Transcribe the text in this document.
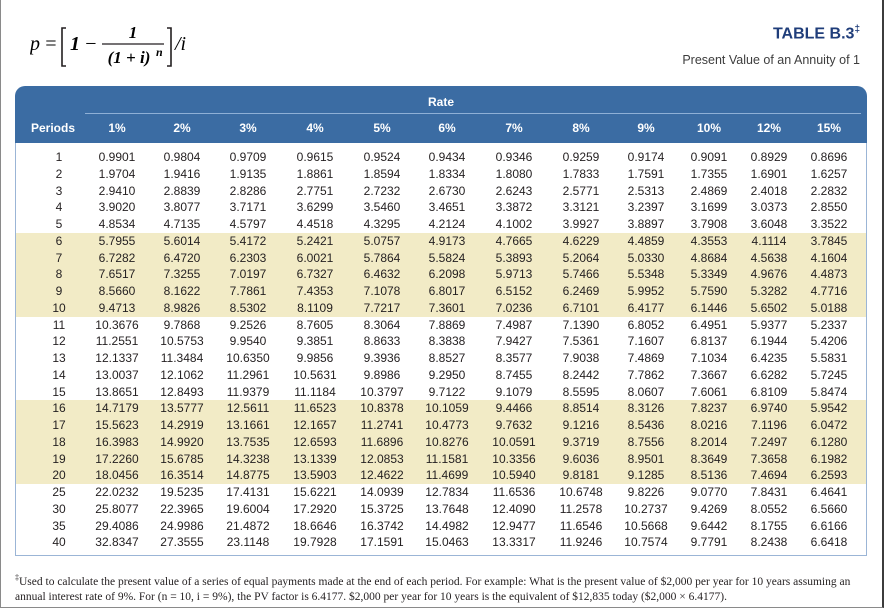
p = 1 −
1
(1 + i) n /i	TABLE B.3‡
Present Value of an Annuity of 1
Rate
Periods	1%	2%	3%	4%	5%	6%	7%	8%	9%	10%	12%	15%
1	0.9901	0.9804	0.9709	0.9615	0.9524	0.9434	0.9346	0.9259	0.9174	0.9091	0.8929	0.8696
2	1.9704	1.9416	1.9135	1.8861	1.8594	1.8334	1.8080	1.7833	1.7591	1.7355	1.6901	1.6257
3	2.9410	2.8839	2.8286	2.7751	2.7232	2.6730	2.6243	2.5771	2.5313	2.4869	2.4018	2.2832
4	3.9020	3.8077	3.7171	3.6299	3.5460	3.4651	3.3872	3.3121	3.2397	3.1699	3.0373	2.8550
5	4.8534	4.7135	4.5797	4.4518	4.3295	4.2124	4.1002	3.9927	3.8897	3.7908	3.6048	3.3522
6	5.7955	5.6014	5.4172	5.2421	5.0757	4.9173	4.7665	4.6229	4.4859	4.3553	4.1114	3.7845
7	6.7282	6.4720	6.2303	6.0021	5.7864	5.5824	5.3893	5.2064	5.0330	4.8684	4.5638	4.1604
8	7.6517	7.3255	7.0197	6.7327	6.4632	6.2098	5.9713	5.7466	5.5348	5.3349	4.9676	4.4873
9	8.5660	8.1622	7.7861	7.4353	7.1078	6.8017	6.5152	6.2469	5.9952	5.7590	5.3282	4.7716
10	9.4713	8.9826	8.5302	8.1109	7.7217	7.3601	7.0236	6.7101	6.4177	6.1446	5.6502	5.0188
11	10.3676	9.7868	9.2526	8.7605	8.3064	7.8869	7.4987	7.1390	6.8052	6.4951	5.9377	5.2337
12	11.2551	10.5753	9.9540	9.3851	8.8633	8.3838	7.9427	7.5361	7.1607	6.8137	6.1944	5.4206
13	12.1337	11.3484	10.6350	9.9856	9.3936	8.8527	8.3577	7.9038	7.4869	7.1034	6.4235	5.5831
14	13.0037	12.1062	11.2961	10.5631	9.8986	9.2950	8.7455	8.2442	7.7862	7.3667	6.6282	5.7245
15	13.8651	12.8493	11.9379	11.1184	10.3797	9.7122	9.1079	8.5595	8.0607	7.6061	6.8109	5.8474
16	14.7179	13.5777	12.5611	11.6523	10.8378	10.1059	9.4466	8.8514	8.3126	7.8237	6.9740	5.9542
17	15.5623	14.2919	13.1661	12.1657	11.2741	10.4773	9.7632	9.1216	8.5436	8.0216	7.1196	6.0472
18	16.3983	14.9920	13.7535	12.6593	11.6896	10.8276	10.0591	9.3719	8.7556	8.2014	7.2497	6.1280
19	17.2260	15.6785	14.3238	13.1339	12.0853	11.1581	10.3356	9.6036	8.9501	8.3649	7.3658	6.1982
20	18.0456	16.3514	14.8775	13.5903	12.4622	11.4699	10.5940	9.8181	9.1285	8.5136	7.4694	6.2593
25	22.0232	19.5235	17.4131	15.6221	14.0939	12.7834	11.6536	10.6748	9.8226	9.0770	7.8431	6.4641
30	25.8077	22.3965	19.6004	17.2920	15.3725	13.7648	12.4090	11.2578	10.2737	9.4269	8.0552	6.5660
35	29.4086	24.9986	21.4872	18.6646	16.3742	14.4982	12.9477	11.6546	10.5668	9.6442	8.1755	6.6166
40	32.8347	27.3555	23.1148	19.7928	17.1591	15.0463	13.3317	11.9246	10.7574	9.7791	8.2438	6.6418
‡Used to calculate the present value of a series of equal payments made at the end of each period. For example: What is the present value of $2,000 per year for 10 years assuming an annual interest rate of 9%. For (n = 10, i = 9%), the PV factor is 6.4177. $2,000 per year for 10 years is the equivalent of $12,835 today ($2,000 × 6.4177).
